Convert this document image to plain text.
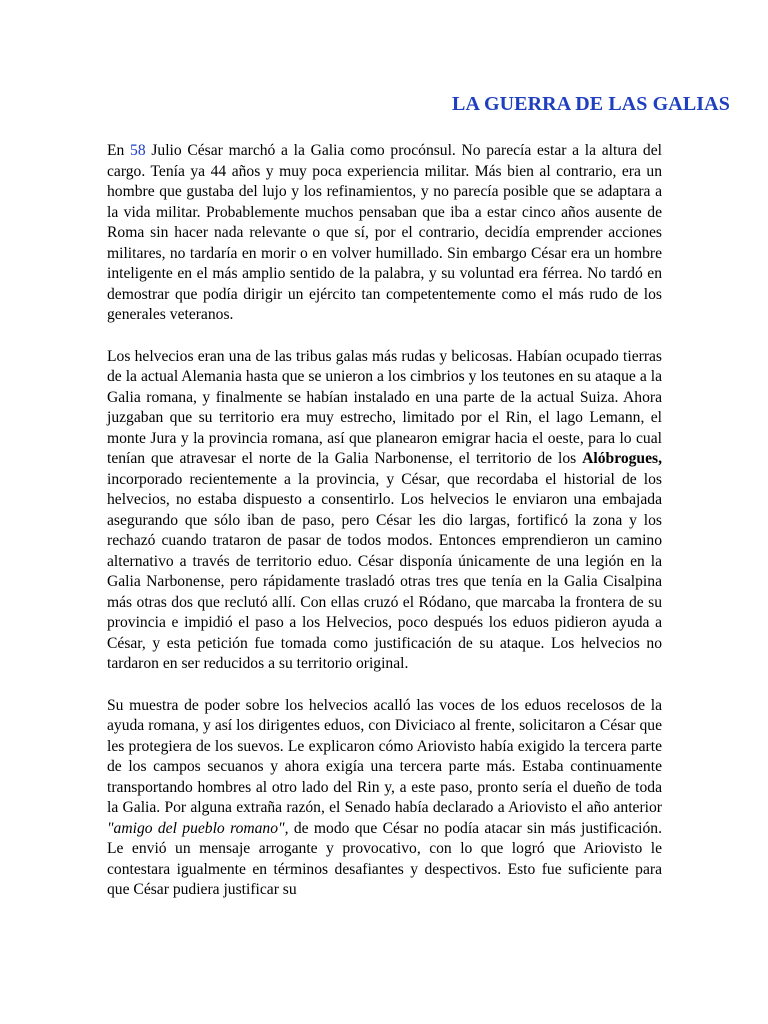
LA GUERRA DE LAS GALIAS

En 58 Julio César marchó a la Galia como procónsul. No parecía estar a la altura del cargo. Tenía ya 44 años y muy poca experiencia militar. Más bien al contrario, era un hombre que gustaba del lujo y los refinamientos, y no parecía posible que se adaptara a la vida militar. Probablemente muchos pensaban que iba a estar cinco años ausente de Roma sin hacer nada relevante o que sí, por el contrario, decidía emprender acciones militares, no tardaría en morir o en volver humillado. Sin embargo César era un hombre inteligente en el más amplio sentido de la palabra, y su voluntad era férrea. No tardó en demostrar que podía dirigir un ejército tan competentemente como el más rudo de los generales veteranos.

Los helvecios eran una de las tribus galas más rudas y belicosas. Habían ocupado tierras de la actual Alemania hasta que se unieron a los cimbrios y los teutones en su ataque a la Galia romana, y finalmente se habían instalado en una parte de la actual Suiza. Ahora juzgaban que su territorio era muy estrecho, limitado por el Rin, el lago Lemann, el monte Jura y la provincia romana, así que planearon emigrar hacia el oeste, para lo cual tenían que atravesar el norte de la Galia Narbonense, el territorio de los Alóbrogues, incorporado recientemente a la provincia, y César, que recordaba el historial de los helvecios, no estaba dispuesto a consentirlo. Los helvecios le enviaron una embajada asegurando que sólo iban de paso, pero César les dio largas, fortificó la zona y los rechazó cuando trataron de pasar de todos modos. Entonces emprendieron un camino alternativo a través de territorio eduo. César disponía únicamente de una legión en la Galia Narbonense, pero rápidamente trasladó otras tres que tenía en la Galia Cisalpina más otras dos que reclutó allí. Con ellas cruzó el Ródano, que marcaba la frontera de su provincia e impidió el paso a los Helvecios, poco después los eduos pidieron ayuda a César, y esta petición fue tomada como justificación de su ataque. Los helvecios no tardaron en ser reducidos a su territorio original.

Su muestra de poder sobre los helvecios acalló las voces de los eduos recelosos de la ayuda romana, y así los dirigentes eduos, con Diviciaco al frente, solicitaron a César que les protegiera de los suevos. Le explicaron cómo Ariovisto había exigido la tercera parte de los campos secuanos y ahora exigía una tercera parte más. Estaba continuamente transportando hombres al otro lado del Rin y, a este paso, pronto sería el dueño de toda la Galia. Por alguna extraña razón, el Senado había declarado a Ariovisto el año anterior "amigo del pueblo romano", de modo que César no podía atacar sin más justificación. Le envió un mensaje arrogante y provocativo, con lo que logró que Ariovisto le contestara igualmente en términos desafiantes y despectivos. Esto fue suficiente para que César pudiera justificar su
